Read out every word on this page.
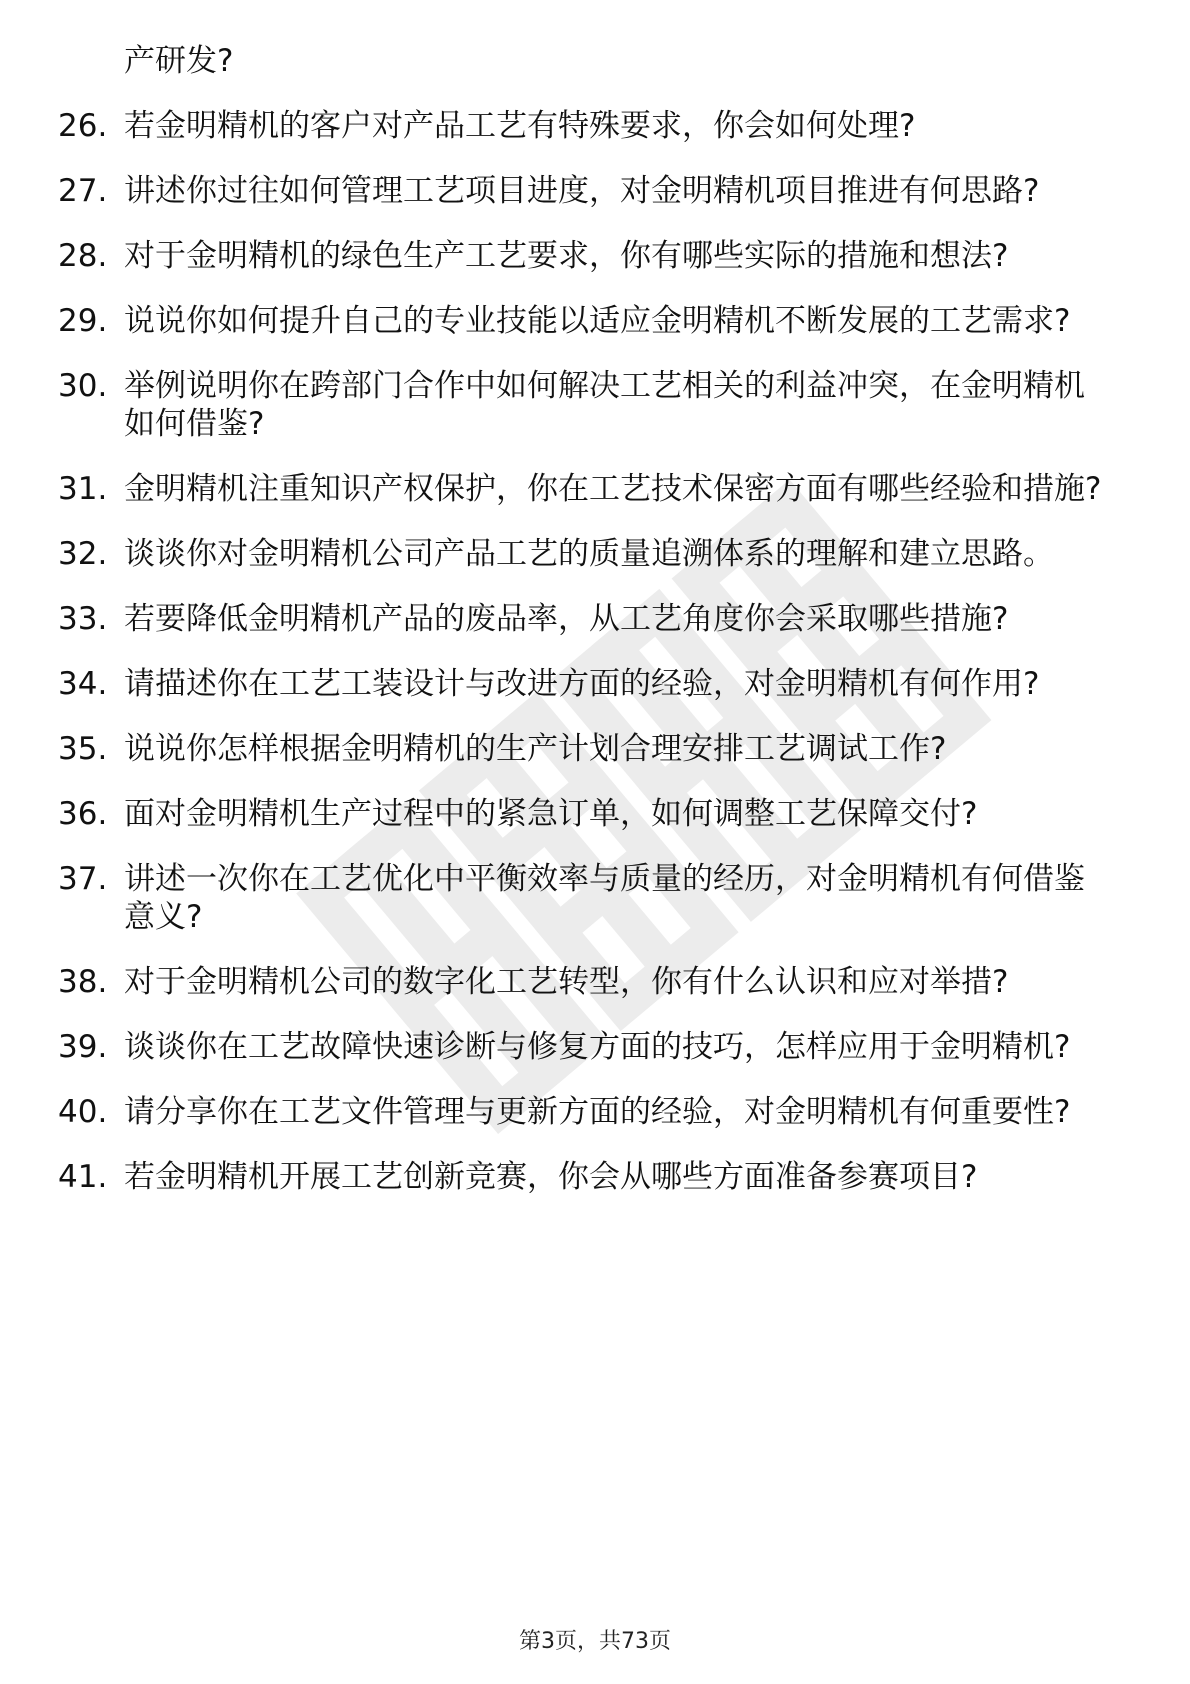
产研发?
26. 若金明精机的客户对产品工艺有特殊要求，你会如何处理?
27. 讲述你过往如何管理工艺项目进度，对金明精机项目推进有何思路?
28. 对于金明精机的绿色生产工艺要求，你有哪些实际的措施和想法?
29. 说说你如何提升自己的专业技能以适应金明精机不断发展的工艺需求?
30. 举例说明你在跨部门合作中如何解决工艺相关的利益冲突，在金明精机如何借鉴?
31. 金明精机注重知识产权保护，你在工艺技术保密方面有哪些经验和措施?
32. 谈谈你对金明精机公司产品工艺的质量追溯体系的理解和建立思路。
33. 若要降低金明精机产品的废品率，从工艺角度你会采取哪些措施?
34. 请描述你在工艺工装设计与改进方面的经验，对金明精机有何作用?
35. 说说你怎样根据金明精机的生产计划合理安排工艺调试工作?
36. 面对金明精机生产过程中的紧急订单，如何调整工艺保障交付?
37. 讲述一次你在工艺优化中平衡效率与质量的经历，对金明精机有何借鉴意义?
38. 对于金明精机公司的数字化工艺转型，你有什么认识和应对举措?
39. 谈谈你在工艺故障快速诊断与修复方面的技巧，怎样应用于金明精机?
40. 请分享你在工艺文件管理与更新方面的经验，对金明精机有何重要性?
41. 若金明精机开展工艺创新竞赛，你会从哪些方面准备参赛项目?
第3页，共73页
